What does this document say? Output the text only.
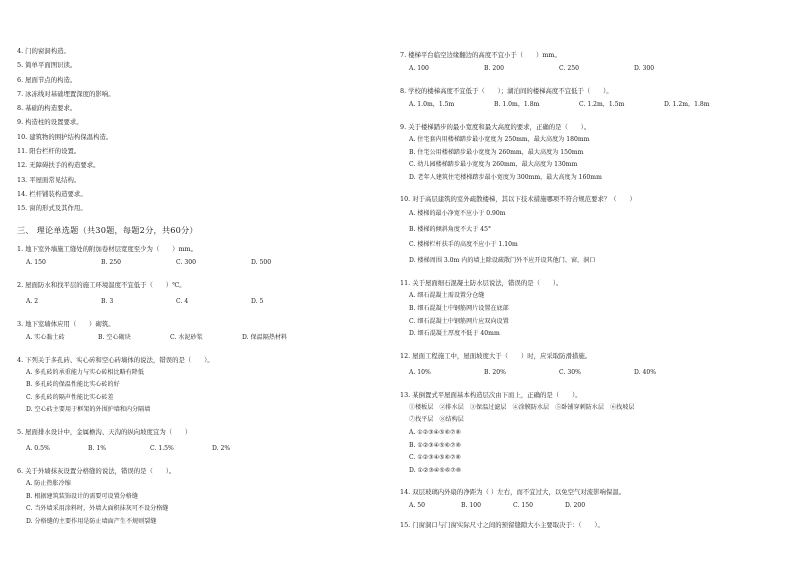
4. 门的窗洞构造。
5. 简单平面图识读。
6. 屋面节点的构造。
7. 冰冻线对基础埋置深度的影响。
8. 基础的构造要求。
9. 构造柱的设置要求。
10. 建筑物的围护结构保温构造。
11. 阳台栏杆的设置。
12. 无障碍扶手的构造要求。
13. 平屋面常见结构。
14. 栏杆铺装构造要求。
15. 窗的形式及其作用。
三、 理论单选题（共30题，每题2分，共60分）
1. 地下室外墙施工缝处的附加卷材层宽度至少为（　　）mm。
A. 150	B. 250	C. 300	D. 500
2. 屋面防水和找平层的施工环境温度不宜低于（　　）℃。
A. 2	B. 3	C. 4	D. 5
3. 地下室墙体应用（　　）砌筑。
A. 实心黏土砖	B. 空心砌块	C. 水泥砂浆	D. 保温隔热材料
4. 下列关于多孔砖、实心砖和空心砖墙体的说法，错误的是（　　）。
A. 多孔砖的承重能力与实心砖相比略有降低
B. 多孔砖的保温性能比实心砖的好
C. 多孔砖的隔声性能比实心砖差
D. 空心砖主要用于框架的外围护墙和内分隔墙
5. 屋面排水设计中，金属檐沟、天沟的纵向坡度宜为（　　）
A. 0.5%	B. 1%	C. 1.5%	D. 2%
6. 关于外墙抹灰设置分格缝的说法，错误的是（　　）。
A. 防止热胀冷缩
B. 根据建筑装饰设计的需要可设置分格缝
C. 当外墙采用涂料时，外墙大面积抹灰可不设分格缝
D. 分格缝的主要作用是防止墙面产生不规则裂缝
7. 楼梯平台临空边缘翻边的高度不宜小于（　　）mm。
A. 100	B. 200	C. 250	D. 300
8. 学校的楼梯高度不宜低于（　　）；湖泊间的楼梯高度不宜低于（　　）。
A. 1.0m，1.5m	B. 1.0m，1.8m	C. 1.2m，1.5m	D. 1.2m，1.8m
9. 关于楼梯踏步的最小宽度和最大高度的要求，正确的是（　　）。
A. 住宅套内用楼梯踏步最小宽度为 250mm，最大高度为 180mm
B. 住宅公用楼梯踏步最小宽度为 260mm，最大高度为 150mm
C. 幼儿园楼梯踏步最小宽度为 260mm，最大高度为 130mm
D. 老年人建筑住宅楼梯踏步最小宽度为 300mm，最大高度为 160mm
10. 对于高层建筑的室外疏散楼梯，其以下技术措施哪项不符合规范要求？（　　）
A. 楼梯的最小净宽不应小于 0.90m
B. 楼梯的倾斜角度不大于 45°
C. 楼梯栏杆扶手的高度不应小于 1.10m
D. 楼梯周围 3.0m 内的墙上除设疏散门外不应开设其他门、窗、洞口
11. 关于屋面细石混凝土防水层说法，错误的是（　　）。
A. 细石混凝土需设置分仓缝
B. 细石混凝土中钢筋网片设置在底部
C. 细石混凝土中钢筋网片应双向设置
D. 细石混凝土厚度不低于 40mm
12. 屋面工程施工中，屋面坡度大于（　　）时，应采取防滑措施。
A. 10%	B. 20%	C. 30%	D. 40%
13. 某倒置式平屋面基本构造层次由下而上，正确的是（　　）。
①楼板层　②排水层　③保温过滤层　④涂膜防水层　⑤卧铺穿刺防水层　⑥找坡层
⑦找平层　⑧结构层
A. ①②③④⑤⑥⑦⑧
B. ①②③④⑤⑥⑦⑧
C. ①②③④⑤⑥⑦⑧
D. ①②③④⑤⑥⑦⑧
14. 双层玻璃内外扇的净距为（ ）左右，而不宜过大，以免空气对流影响保温。
A. 50	B. 100	C. 150	D. 200
15. 门窗洞口与门窗实际尺寸之间的预留缝隙大小主要取决于：（　　）。
